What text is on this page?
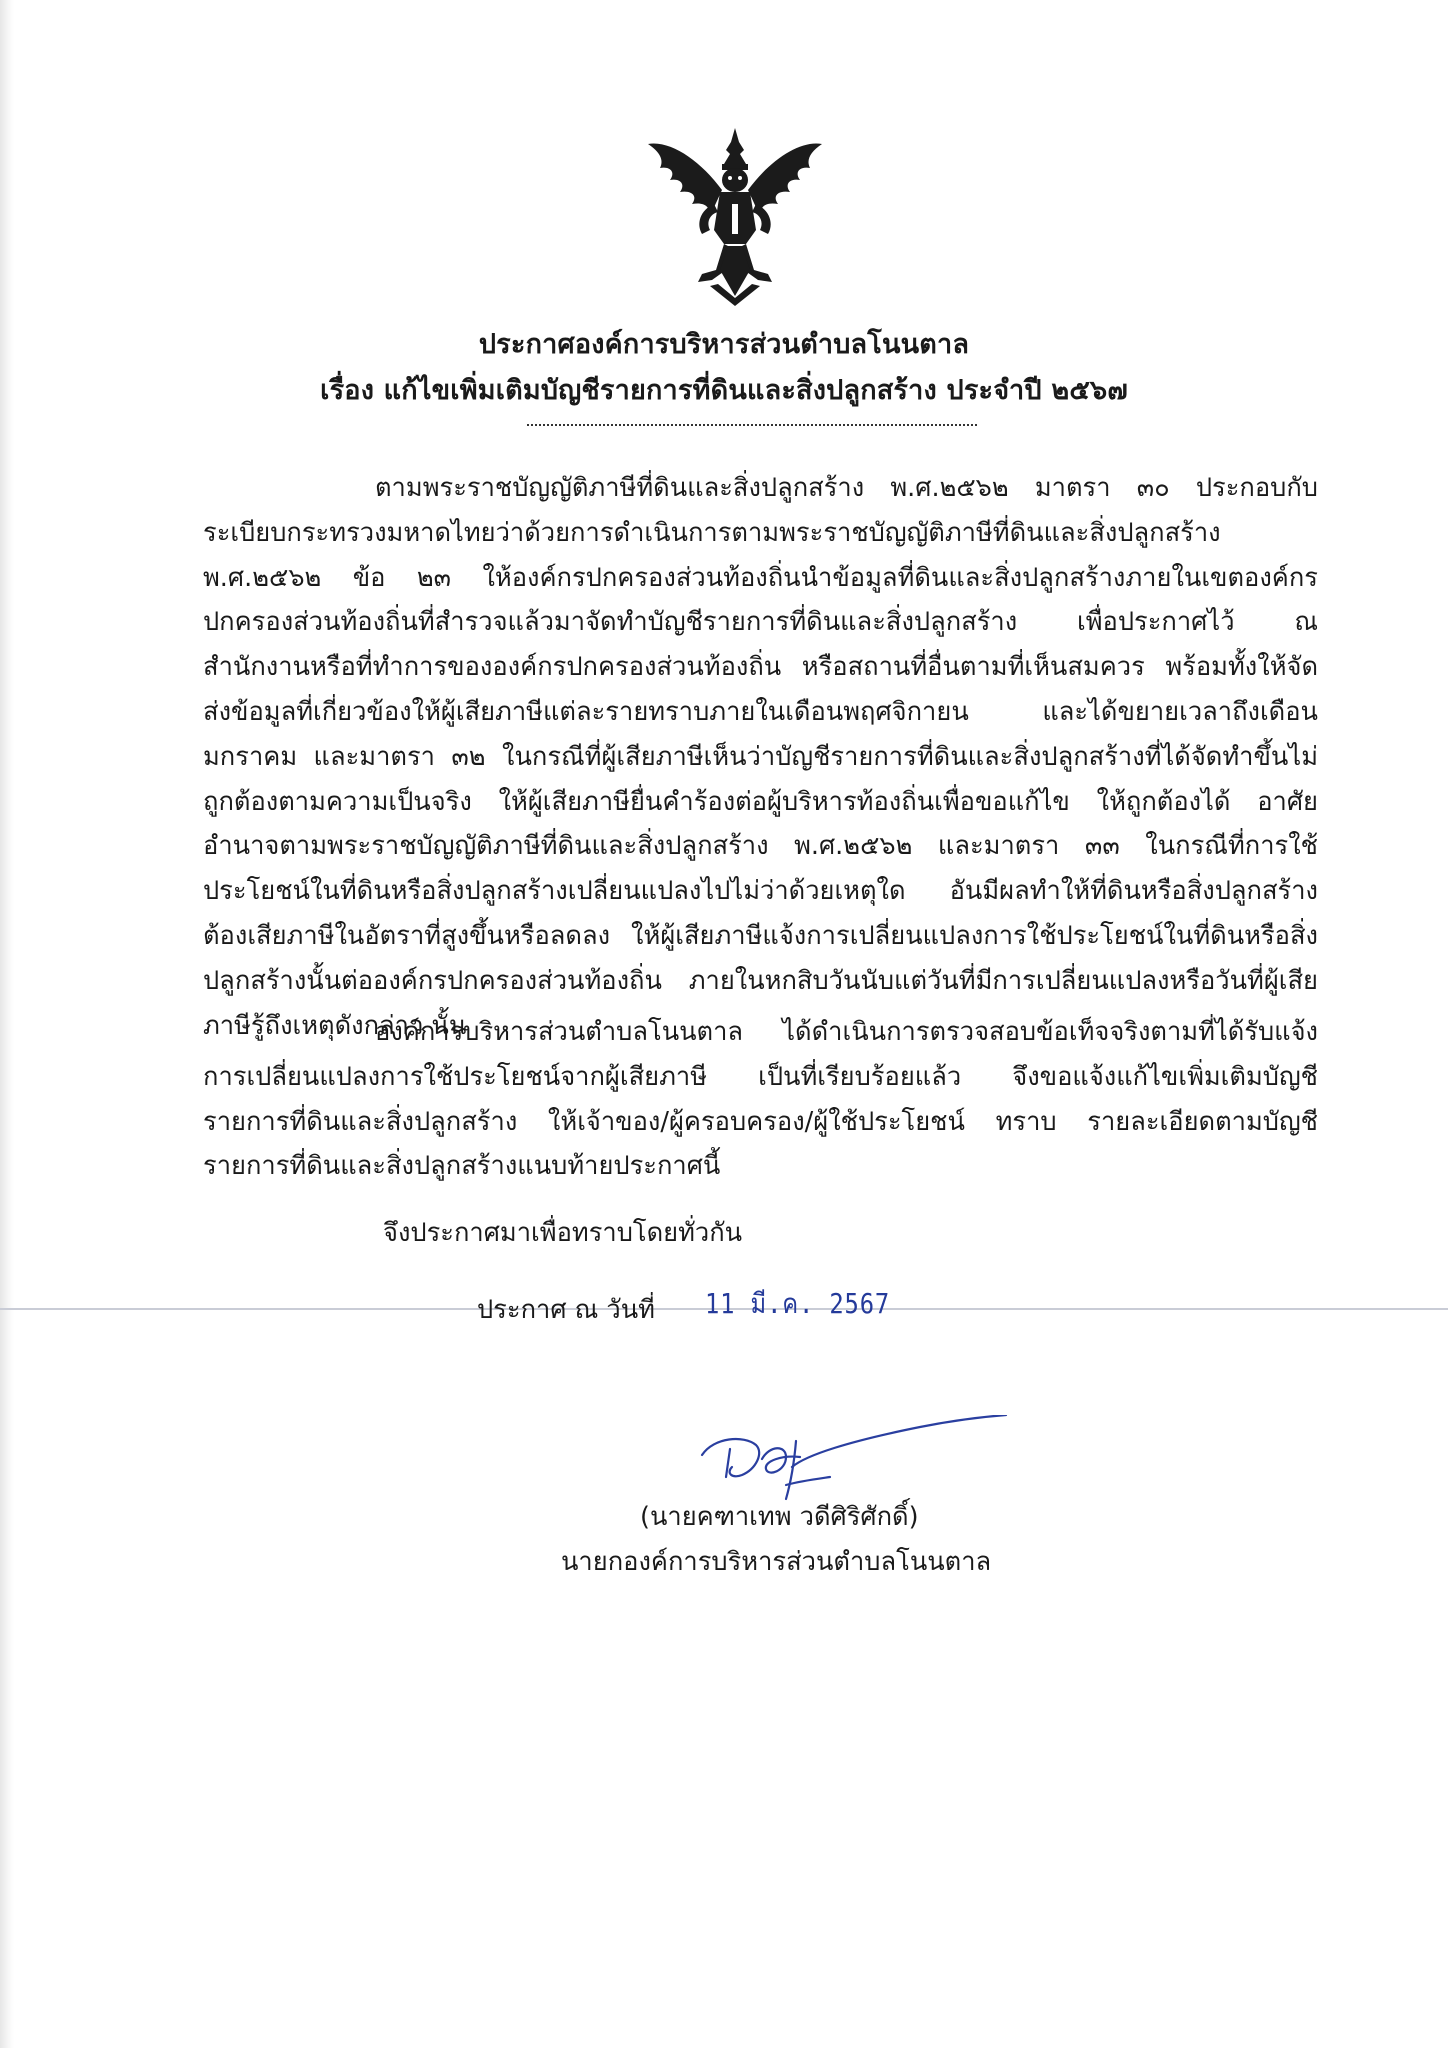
ประกาศองค์การบริหารส่วนตำบลโนนตาล
เรื่อง แก้ไขเพิ่มเติมบัญชีรายการที่ดินและสิ่งปลูกสร้าง ประจำปี ๒๕๖๗

ตามพระราชบัญญัติภาษีที่ดินและสิ่งปลูกสร้าง พ.ศ.๒๕๖๒ มาตรา ๓๐ ประกอบกับระเบียบกระทรวงมหาดไทยว่าด้วยการดำเนินการตามพระราชบัญญัติภาษีที่ดินและสิ่งปลูกสร้าง พ.ศ.๒๕๖๒ ข้อ ๒๓ ให้องค์กรปกครองส่วนท้องถิ่นนำข้อมูลที่ดินและสิ่งปลูกสร้างภายในเขตองค์กรปกครองส่วนท้องถิ่นที่สำรวจแล้วมาจัดทำบัญชีรายการที่ดินและสิ่งปลูกสร้าง เพื่อประกาศไว้ ณ สำนักงานหรือที่ทำการขององค์กรปกครองส่วนท้องถิ่น หรือสถานที่อื่นตามที่เห็นสมควร พร้อมทั้งให้จัดส่งข้อมูลที่เกี่ยวข้องให้ผู้เสียภาษีแต่ละรายทราบภายในเดือนพฤศจิกายน และได้ขยายเวลาถึงเดือนมกราคม และมาตรา ๓๒ ในกรณีที่ผู้เสียภาษีเห็นว่าบัญชีรายการที่ดินและสิ่งปลูกสร้างที่ได้จัดทำขึ้นไม่ถูกต้องตามความเป็นจริง ให้ผู้เสียภาษียื่นคำร้องต่อผู้บริหารท้องถิ่นเพื่อขอแก้ไข ให้ถูกต้องได้ อาศัยอำนาจตามพระราชบัญญัติภาษีที่ดินและสิ่งปลูกสร้าง พ.ศ.๒๕๖๒ และมาตรา ๓๓ ในกรณีที่การใช้ประโยชน์ในที่ดินหรือสิ่งปลูกสร้างเปลี่ยนแปลงไปไม่ว่าด้วยเหตุใด อันมีผลทำให้ที่ดินหรือสิ่งปลูกสร้างต้องเสียภาษีในอัตราที่สูงขึ้นหรือลดลง ให้ผู้เสียภาษีแจ้งการเปลี่ยนแปลงการใช้ประโยชน์ในที่ดินหรือสิ่งปลูกสร้างนั้นต่อองค์กรปกครองส่วนท้องถิ่น ภายในหกสิบวันนับแต่วันที่มีการเปลี่ยนแปลงหรือวันที่ผู้เสียภาษีรู้ถึงเหตุดังกล่าว นั้น

องค์การบริหารส่วนตำบลโนนตาล ได้ดำเนินการตรวจสอบข้อเท็จจริงตามที่ได้รับแจ้งการเปลี่ยนแปลงการใช้ประโยชน์จากผู้เสียภาษี เป็นที่เรียบร้อยแล้ว จึงขอแจ้งแก้ไขเพิ่มเติมบัญชีรายการที่ดินและสิ่งปลูกสร้าง ให้เจ้าของ/ผู้ครอบครอง/ผู้ใช้ประโยชน์ ทราบ รายละเอียดตามบัญชีรายการที่ดินและสิ่งปลูกสร้างแนบท้ายประกาศนี้

จึงประกาศมาเพื่อทราบโดยทั่วกัน
ประกาศ ณ วันที่ 11 มี.ค. 2567
(นายคฑาเทพ วดีศิริศักดิ์)
นายกองค์การบริหารส่วนตำบลโนนตาล
